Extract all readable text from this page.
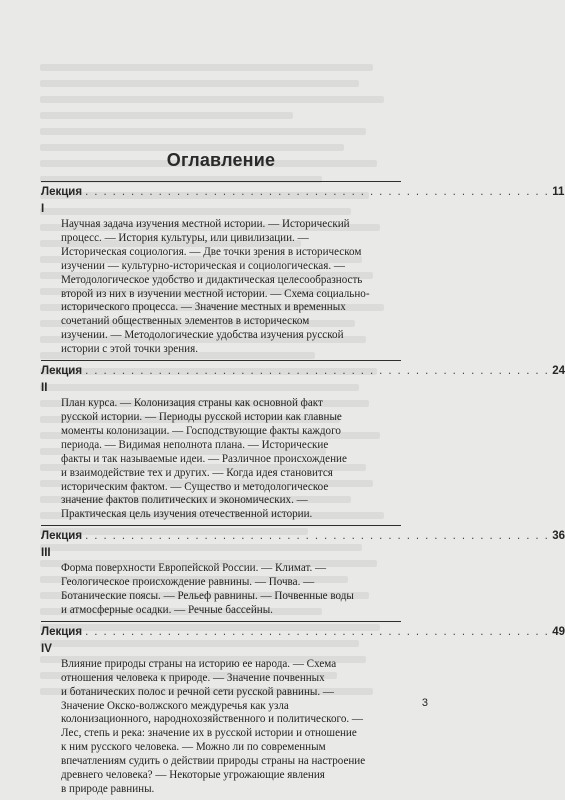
Оглавление
Лекция I
. . . . . . . . . . . . . . . . . . . . . . . . . . . . . . . . . . . . . . . . . . . . . . . . . . . 11
Научная задача изучения местной истории. — Исторический
процесс. — История культуры, или цивилизации. —
Историческая социология. — Две точки зрения в историческом
изучении — культурно-историческая и социологическая. —
Методологическое удобство и дидактическая целесообразность
второй из них в изучении местной истории. — Схема социально-
исторического процесса. — Значение местных и временных
сочетаний общественных элементов в историческом
изучении. — Методологические удобства изучения русской
истории с этой точки зрения.
Лекция II
. . . . . . . . . . . . . . . . . . . . . . . . . . . . . . . . . . . . . . . . . . . . . . . . . . . 24
План курса. — Колонизация страны как основной факт
русской истории. — Периоды русской истории как главные
моменты колонизации. — Господствующие факты каждого
периода. — Видимая неполнота плана. — Исторические
факты и так называемые идеи. — Различное происхождение
и взаимодействие тех и других. — Когда идея становится
историческим фактом. — Существо и методологическое
значение фактов политических и экономических. —
Практическая цель изучения отечественной истории.
Лекция III
. . . . . . . . . . . . . . . . . . . . . . . . . . . . . . . . . . . . . . . . . . . . . . . . . . . 36
Форма поверхности Европейской России. — Климат. —
Геологическое происхождение равнины. — Почва. —
Ботанические поясы. — Рельеф равнины. — Почвенные воды
и атмосферные осадки. — Речные бассейны.
Лекция IV
. . . . . . . . . . . . . . . . . . . . . . . . . . . . . . . . . . . . . . . . . . . . . . . . . . . 49
Влияние природы страны на историю ее народа. — Схема
отношения человека к природе. — Значение почвенных
и ботанических полос и речной сети русской равнины. —
Значение Окско-волжского междуречья как узла
колонизационного, народнохозяйственного и политического. —
Лес, степь и река: значение их в русской истории и отношение
к ним русского человека. — Можно ли по современным
впечатлениям судить о действии природы страны на настроение
древнего человека? — Некоторые угрожающие явления
в природе равнины.
3
